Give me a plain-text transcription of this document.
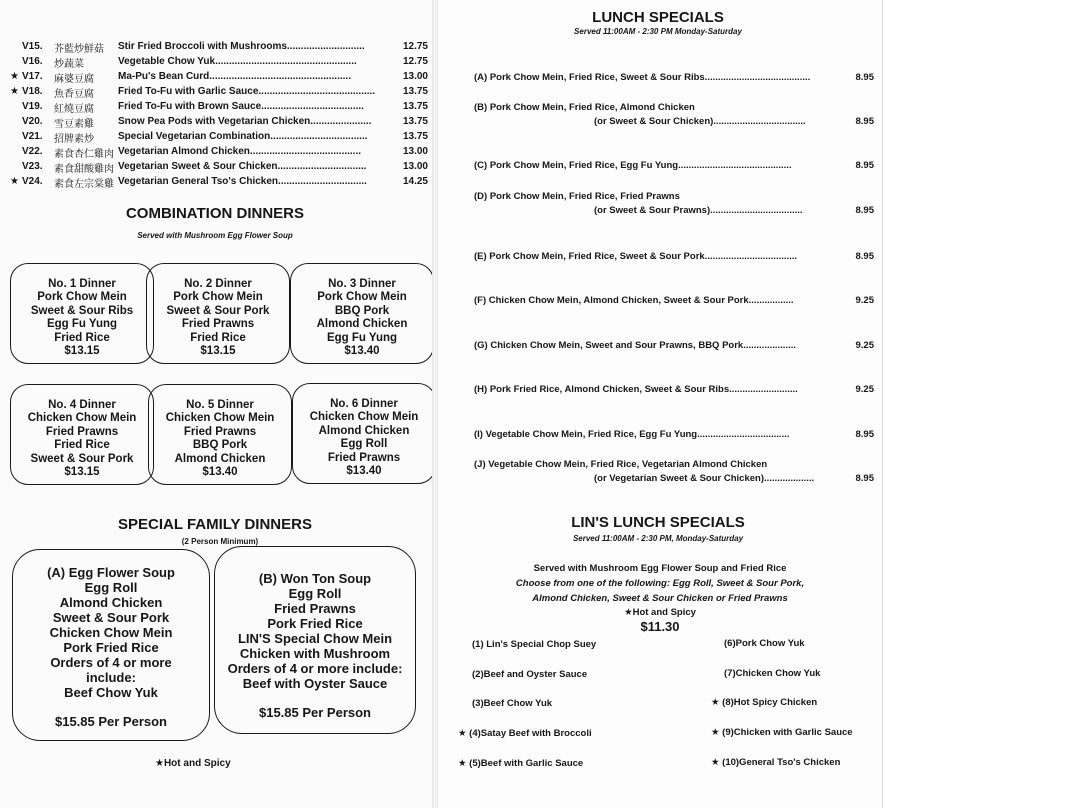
V15. 芥藍炒鮮菇 Stir Fried Broccoli with Mushrooms............................	12.75
V16. 炒蔬菜	Vegetable Chow Yuk...................................................	12.75
★ V17. 麻婆豆腐 Ma-Pu's Bean Curd...................................................	13.00
★ V18. 魚香豆腐 Fried To-Fu with Garlic Sauce..........................................	13.75
V19. 紅燒豆腐 Fried To-Fu with Brown Sauce.....................................	13.75
V20. 雪豆素雞 Snow Pea Pods with Vegetarian Chicken......................	13.75
V21. 招牌素炒 Special Vegetarian Combination...................................	13.75
V22. 素食杏仁雞肉 Vegetarian Almond Chicken........................................	13.00
V23. 素食甜酸雞肉 Vegetarian Sweet & Sour Chicken................................	13.00
★ V24. 素食左宗棠雞 Vegetarian General Tso's Chicken................................	14.25
COMBINATION DINNERS
Served with Mushroom Egg Flower Soup
No. 1 Dinner
Pork Chow Mein
Sweet & Sour Ribs
Egg Fu Yung
Fried Rice
$13.15
No. 2 Dinner
Pork Chow Mein
Sweet & Sour Pork
Fried Prawns
Fried Rice
$13.15
No. 3 Dinner
Pork Chow Mein
BBQ Pork
Almond Chicken
Egg Fu Yung
$13.40
No. 4 Dinner
Chicken Chow Mein
Fried Prawns
Fried Rice
Sweet & Sour Pork
$13.15
No. 5 Dinner
Chicken Chow Mein
Fried Prawns
BBQ Pork
Almond Chicken
$13.40
No. 6 Dinner
Chicken Chow Mein
Almond Chicken
Egg Roll
Fried Prawns
$13.40
SPECIAL FAMILY DINNERS
(2 Person Minimum)
(A) Egg Flower Soup
Egg Roll
Almond Chicken
Sweet & Sour Pork
Chicken Chow Mein
Pork Fried Rice
Orders of 4 or more
include:
Beef Chow Yuk
$15.85 Per Person
(B) Won Ton Soup
Egg Roll
Fried Prawns
Pork Fried Rice
LIN'S Special Chow Mein
Chicken with Mushroom
Orders of 4 or more include:
Beef with Oyster Sauce
$15.85 Per Person
★Hot and Spicy
LUNCH SPECIALS
Served 11:00AM - 2:30 PM Monday-Saturday
(A) Pork Chow Mein, Fried Rice, Sweet & Sour Ribs........................................	8.95
(B) Pork Chow Mein, Fried Rice, Almond Chicken
(or Sweet & Sour Chicken)...................................	8.95
(C) Pork Chow Mein, Fried Rice, Egg Fu Yung...........................................	8.95
(D) Pork Chow Mein, Fried Rice, Fried Prawns
(or Sweet & Sour Prawns)...................................	8.95
(E) Pork Chow Mein, Fried Rice, Sweet & Sour Pork...................................	8.95
(F) Chicken Chow Mein, Almond Chicken, Sweet & Sour Pork.................	9.25
(G) Chicken Chow Mein, Sweet and Sour Prawns, BBQ Pork....................	9.25
(H) Pork Fried Rice, Almond Chicken, Sweet & Sour Ribs..........................	9.25
(I) Vegetable Chow Mein, Fried Rice, Egg Fu Yung...................................	8.95
(J) Vegetable Chow Mein, Fried Rice, Vegetarian Almond Chicken
(or Vegetarian Sweet & Sour Chicken)...................	8.95
LIN'S LUNCH SPECIALS
Served 11:00AM - 2:30 PM, Monday-Saturday
Served with Mushroom Egg Flower Soup and Fried Rice
Choose from one of the following: Egg Roll, Sweet & Sour Pork,
Almond Chicken, Sweet & Sour Chicken or Fried Prawns
★Hot and Spicy
$11.30
(1) Lin's Special Chop Suey
(2)Beef and Oyster Sauce
(3)Beef Chow Yuk
★ (4)Satay Beef with Broccoli
★ (5)Beef with Garlic Sauce
(6)Pork Chow Yuk
(7)Chicken Chow Yuk
★ (8)Hot Spicy Chicken
★ (9)Chicken with Garlic Sauce
★ (10)General Tso's Chicken
